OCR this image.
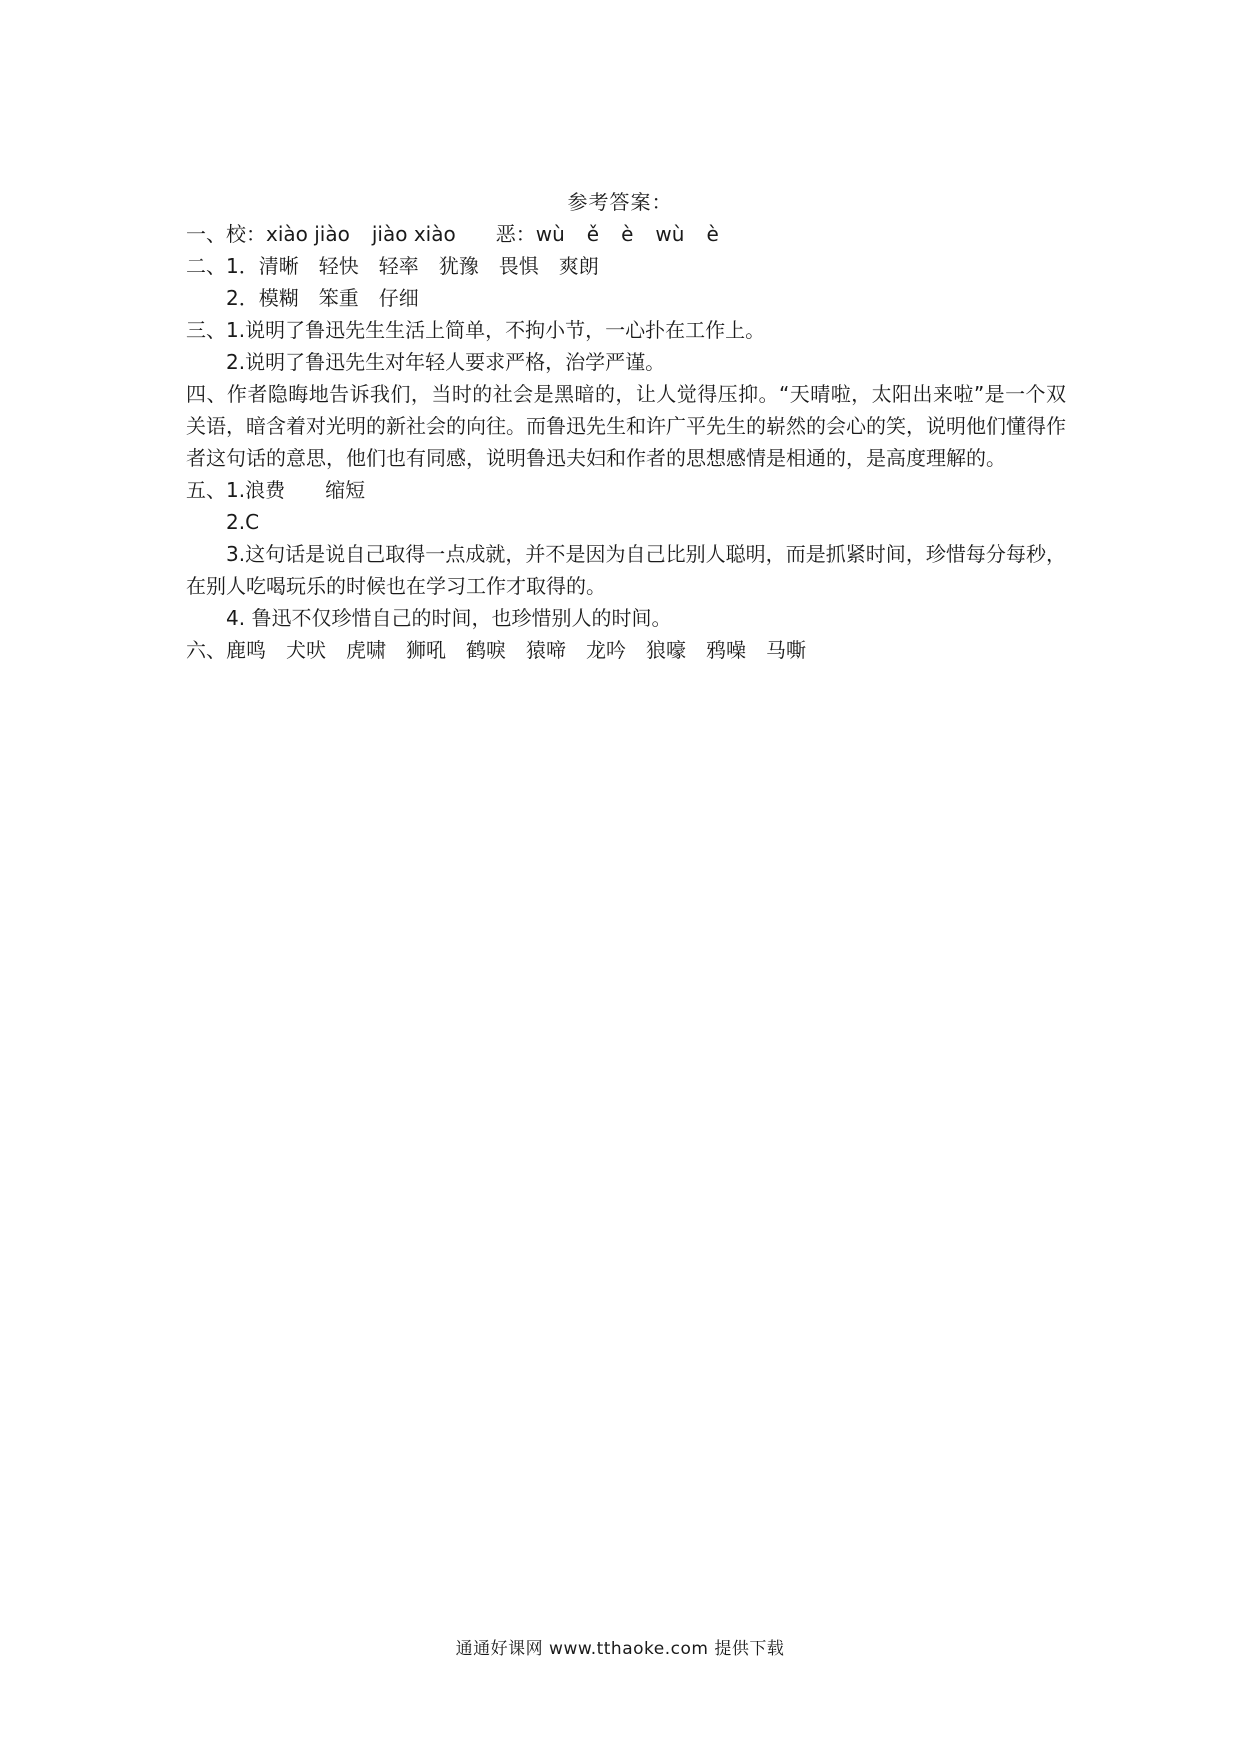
参考答案：
一、校：xiào jiào jiào xiào 恶：wù ě è wù è
二、1．清晰 轻快 轻率 犹豫 畏惧 爽朗
2．模糊 笨重 仔细
三、1.说明了鲁迅先生生活上简单，不拘小节，一心扑在工作上。
2.说明了鲁迅先生对年轻人要求严格，治学严谨。
四、作者隐晦地告诉我们，当时的社会是黑暗的，让人觉得压抑。“天晴啦，太阳出来啦”是一个双关语，暗含着对光明的新社会的向往。而鲁迅先生和许广平先生的崭然的会心的笑，说明他们懂得作者这句话的意思，他们也有同感，说明鲁迅夫妇和作者的思想感情是相通的，是高度理解的。
五、1.浪费 缩短
2.C
3.这句话是说自己取得一点成就，并不是因为自己比别人聪明，而是抓紧时间，珍惜每分每秒，在别人吃喝玩乐的时候也在学习工作才取得的。
4. 鲁迅不仅珍惜自己的时间，也珍惜别人的时间。
六、鹿鸣 犬吠 虎啸 狮吼 鹤唳 猿啼 龙吟 狼嚎 鸦噪 马嘶
通通好课网 www.tthaoke.com 提供下载
